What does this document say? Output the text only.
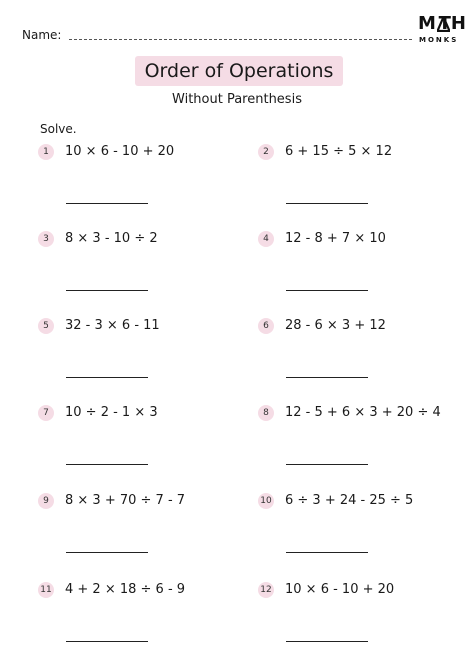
Name:
M TH
MONKS
Order of Operations
Without Parenthesis
Solve.
1	10 × 6 - 10 + 20	2	6 + 15 ÷ 5 × 12
3	8 × 3 - 10 ÷ 2	4	12 - 8 + 7 × 10
5	32 - 3 × 6 - 11	6	28 - 6 × 3 + 12
7	10 ÷ 2 - 1 × 3	8	12 - 5 + 6 × 3 + 20 ÷ 4
9	8 × 3 + 70 ÷ 7 - 7	10 6 ÷ 3 + 24 - 25 ÷ 5
11 4 + 2 × 18 ÷ 6 - 9	12 10 × 6 - 10 + 20
